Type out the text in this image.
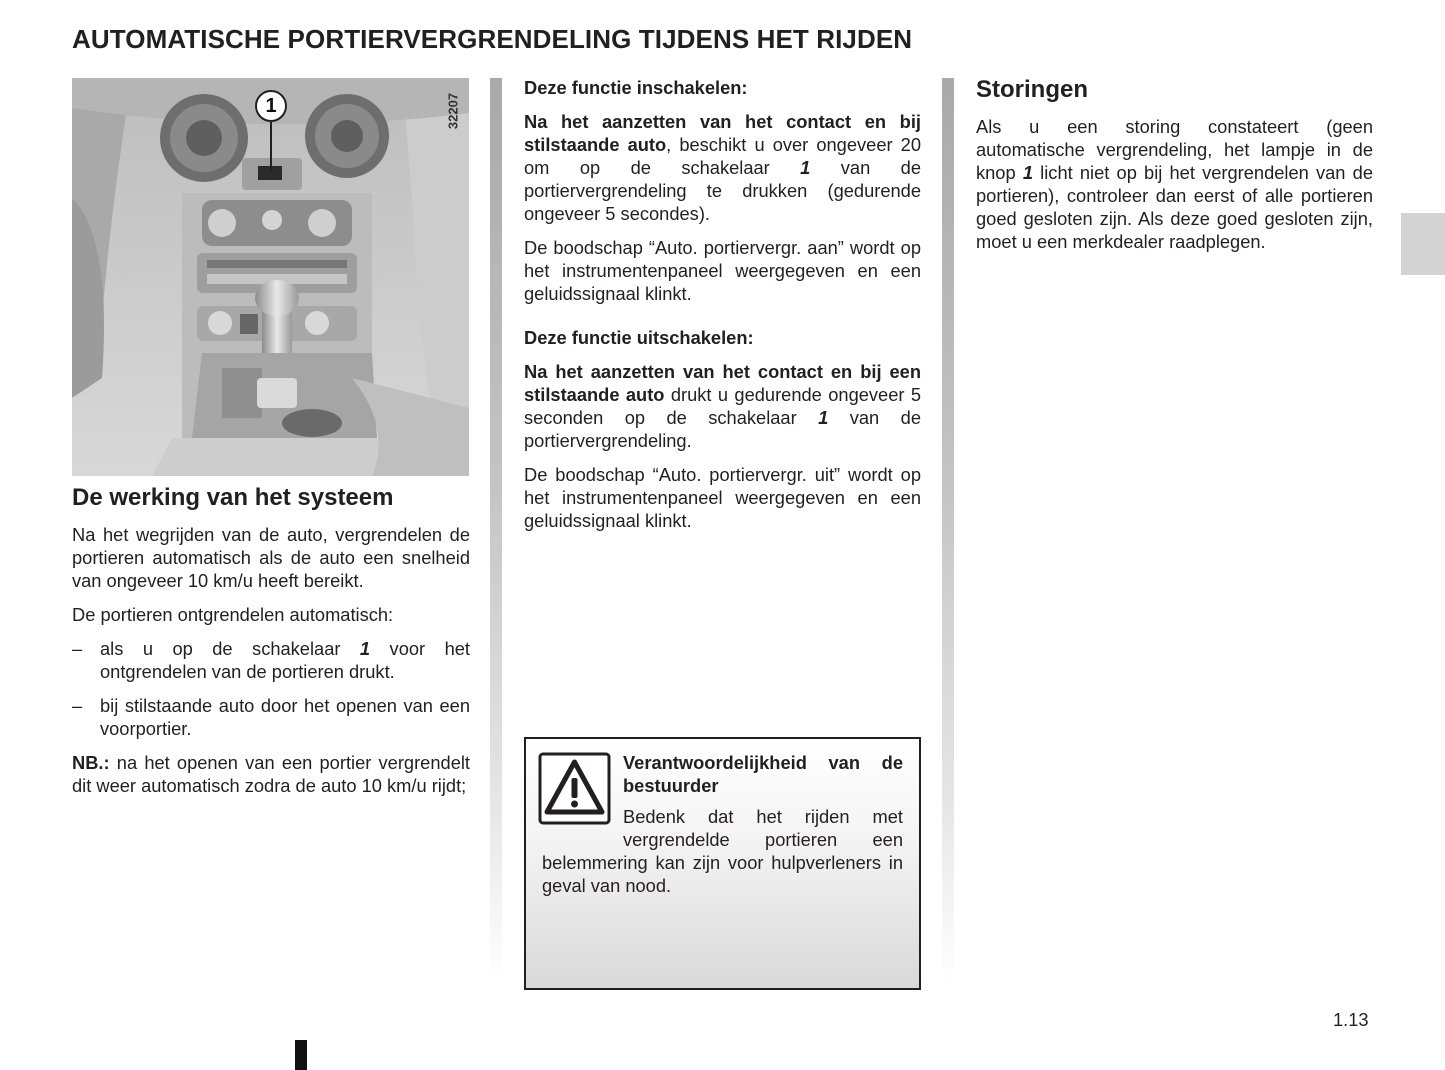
AUTOMATISCHE PORTIERVERGRENDELING TIJDENS HET RIJDEN
32207
1
De werking van het systeem

Na het wegrijden van de auto, vergrendelen de portieren automatisch als de auto een snelheid van ongeveer 10 km/u heeft bereikt.

De portieren ontgrendelen automatisch:

– als u op de schakelaar 1 voor het ontgrendelen van de portieren drukt.
– bij stilstaande auto door het openen van een voorportier.

NB.: na het openen van een portier vergrendelt dit weer automatisch zodra de auto 10 km/u rijdt;

Deze functie inschakelen:

Na het aanzetten van het contact en bij stilstaande auto, beschikt u over ongeveer 20 om op de schakelaar 1 van de portiervergrendeling te drukken (gedurende ongeveer 5 secondes).

De boodschap “Auto. portiervergr. aan” wordt op het instrumentenpaneel weergegeven en een geluidssignaal klinkt.

Deze functie uitschakelen:

Na het aanzetten van het contact en bij een stilstaande auto drukt u gedurende ongeveer 5 seconden op de schakelaar 1 van de portiervergrendeling.

De boodschap “Auto. portiervergr. uit” wordt op het instrumentenpaneel weergegeven en een geluidssignaal klinkt.

Verantwoordelijkheid van de bestuurder

Bedenk dat het rijden met vergrendelde portieren een belemmering kan zijn voor hulpverleners in geval van nood.

Storingen

Als u een storing constateert (geen automatische vergrendeling, het lampje in de knop 1 licht niet op bij het vergrendelen van de portieren), controleer dan eerst of alle portieren goed gesloten zijn. Als deze goed gesloten zijn, moet u een merkdealer raadplegen.

1.13
